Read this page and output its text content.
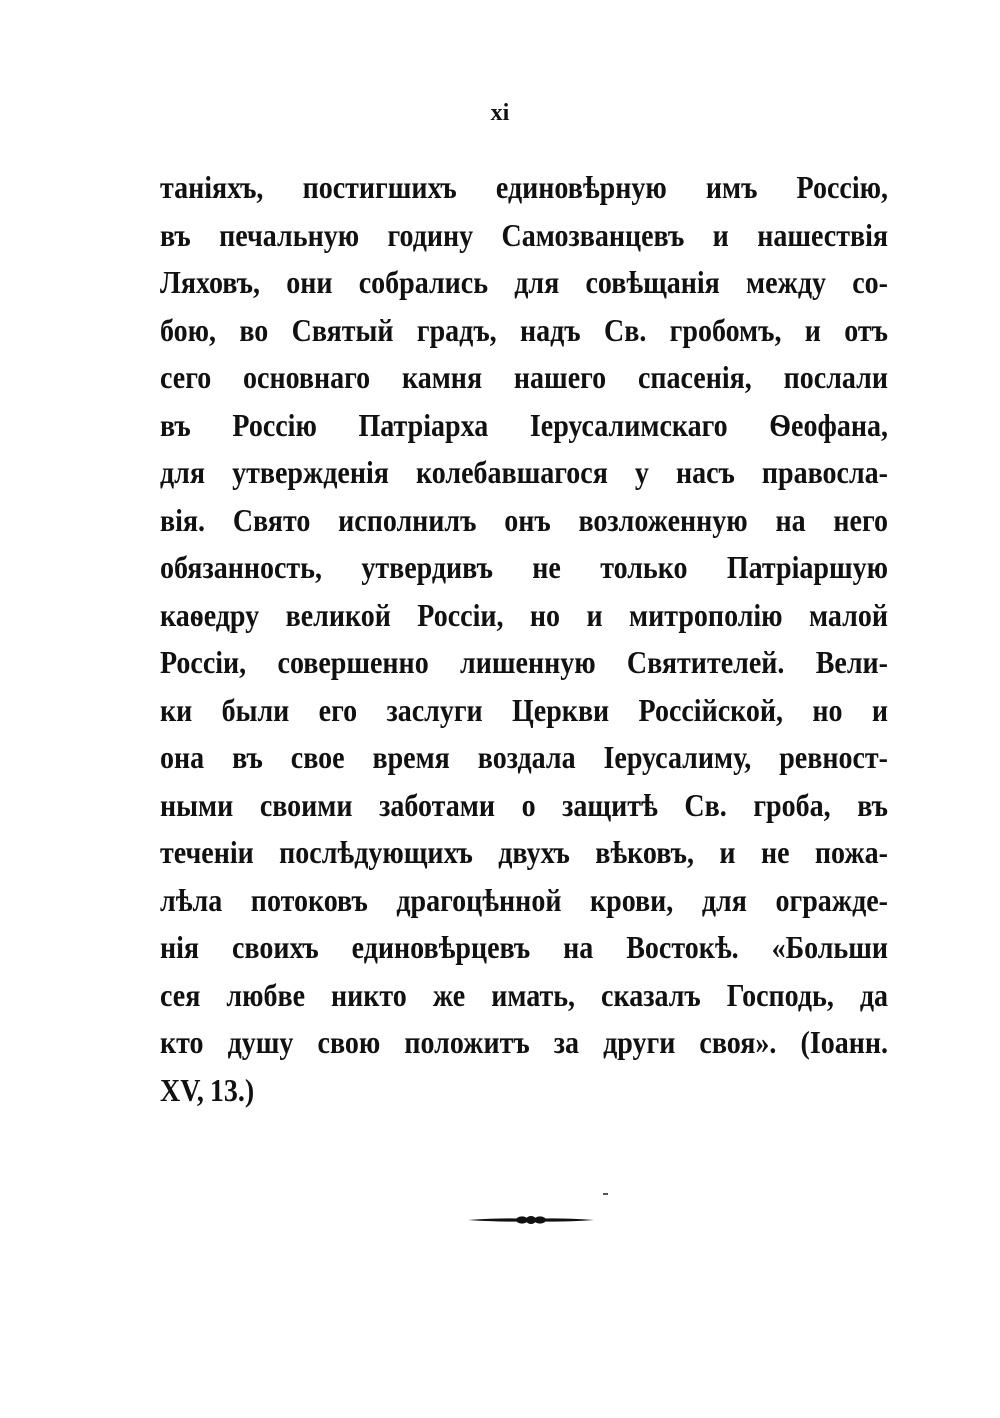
xi
таніяхъ, постигшихъ единовѣрную имъ Россію,
въ печальную годину Самозванцевъ и нашествія
Ляховъ, они собрались для совѣщанія между со-
бою, во Святый градъ, надъ Св. гробомъ, и отъ
сего основнаго камня нашего спасенія, послали
въ Россію Патріарха Іерусалимскаго Ѳеофана,
для утвержденія колебавшагося у насъ правосла-
вія. Свято исполнилъ онъ возложенную на него
обязанность, утвердивъ не только Патріаршую
каѳедру великой Россіи, но и митрополію малой
Россіи, совершенно лишенную Святителей. Вели-
ки были его заслуги Церкви Россійской, но и
она въ свое время воздала Іерусалиму, ревност-
ными своими заботами о защитѣ Св. гроба, въ
теченіи послѣдующихъ двухъ вѣковъ, и не пожа-
лѣла потоковъ драгоцѣнной крови, для огражде-
нія своихъ единовѣрцевъ на Востокѣ. «Больши
сея любве никто же имать, сказалъ Господь, да
кто душу свою положитъ за други своя». (Іоанн.
XV, 13.)
